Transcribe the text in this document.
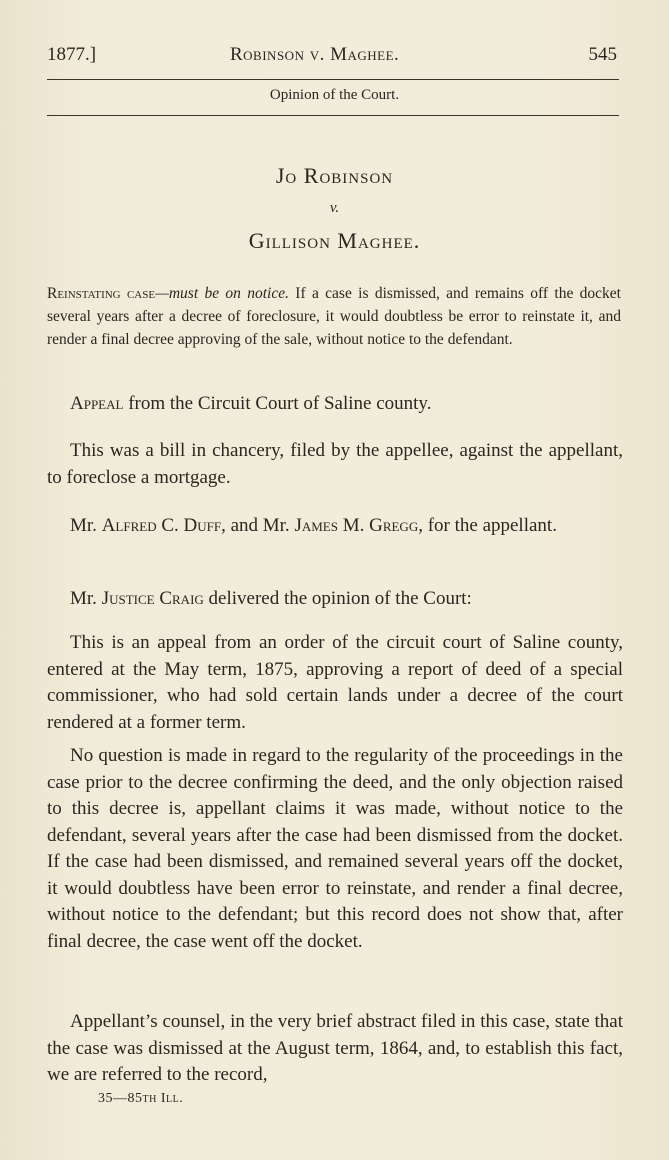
1877.]	Robinson v. Maghee.	545
Opinion of the Court.
Jo Robinson
v.
Gillison Maghee.
Reinstating case—must be on notice. If a case is dismissed, and remains off the docket several years after a decree of foreclosure, it would doubtless be error to reinstate it, and render a final decree approving of the sale, without notice to the defendant.
Appeal from the Circuit Court of Saline county.
This was a bill in chancery, filed by the appellee, against the appellant, to foreclose a mortgage.
Mr. Alfred C. Duff, and Mr. James M. Gregg, for the appellant.
Mr. Justice Craig delivered the opinion of the Court:
This is an appeal from an order of the circuit court of Saline county, entered at the May term, 1875, approving a report of deed of a special commissioner, who had sold certain lands under a decree of the court rendered at a former term.
No question is made in regard to the regularity of the proceedings in the case prior to the decree confirming the deed, and the only objection raised to this decree is, appellant claims it was made, without notice to the defendant, several years after the case had been dismissed from the docket. If the case had been dismissed, and remained several years off the docket, it would doubtless have been error to reinstate, and render a final decree, without notice to the defendant; but this record does not show that, after final decree, the case went off the docket.
Appellant’s counsel, in the very brief abstract filed in this case, state that the case was dismissed at the August term, 1864, and, to establish this fact, we are referred to the record,
35—85th Ill.
